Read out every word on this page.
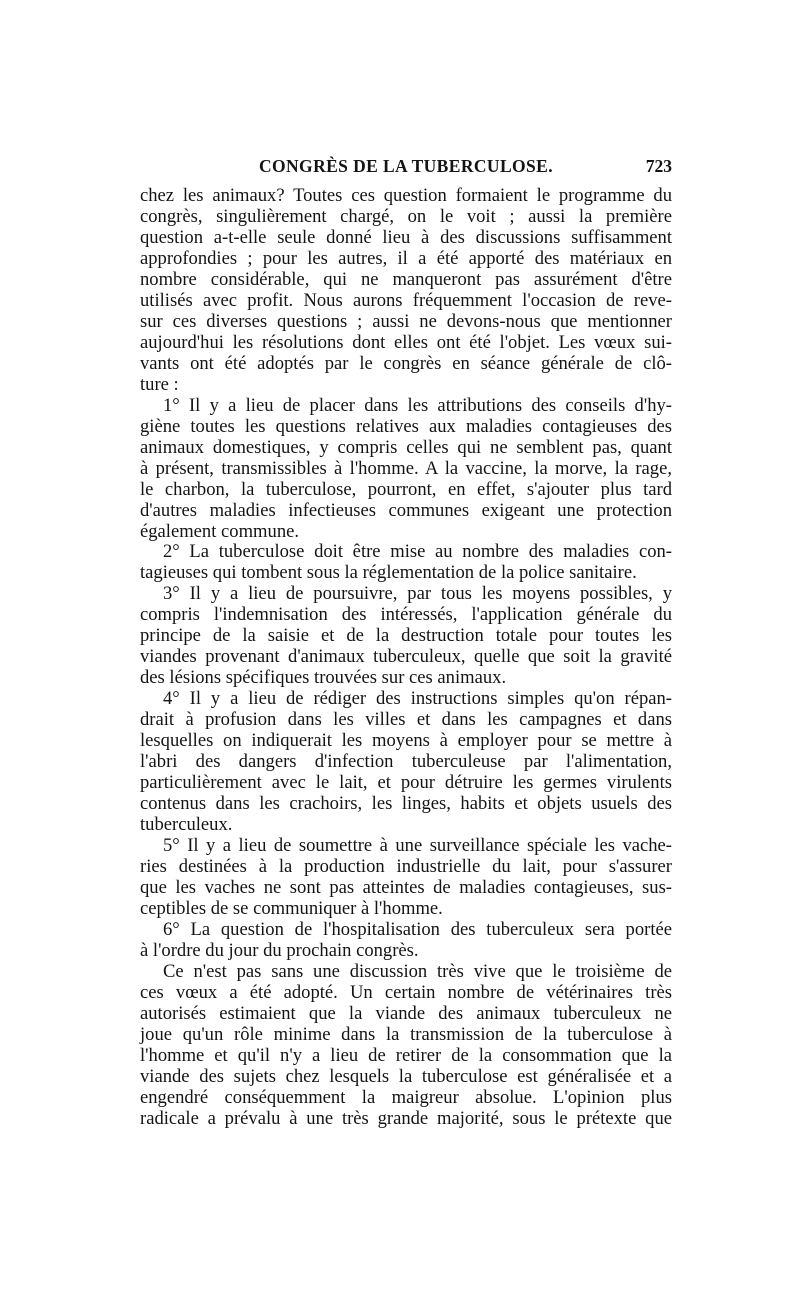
CONGRÈS DE LA TUBERCULOSE.	723
chez les animaux? Toutes ces question formaient le programme du
congrès, singulièrement chargé, on le voit ; aussi la première
question a-t-elle seule donné lieu à des discussions suffisamment
approfondies ; pour les autres, il a été apporté des matériaux en
nombre considérable, qui ne manqueront pas assurément d'être
utilisés avec profit. Nous aurons fréquemment l'occasion de reve-
sur ces diverses questions ; aussi ne devons-nous que mentionner
aujourd'hui les résolutions dont elles ont été l'objet. Les vœux sui-
vants ont été adoptés par le congrès en séance générale de clô-
ture :
1° Il y a lieu de placer dans les attributions des conseils d'hy-
giène toutes les questions relatives aux maladies contagieuses des
animaux domestiques, y compris celles qui ne semblent pas, quant
à présent, transmissibles à l'homme. A la vaccine, la morve, la rage,
le charbon, la tuberculose, pourront, en effet, s'ajouter plus tard
d'autres maladies infectieuses communes exigeant une protection
également commune.
2° La tuberculose doit être mise au nombre des maladies con-
tagieuses qui tombent sous la réglementation de la police sanitaire.
3° Il y a lieu de poursuivre, par tous les moyens possibles, y
compris l'indemnisation des intéressés, l'application générale du
principe de la saisie et de la destruction totale pour toutes les
viandes provenant d'animaux tuberculeux, quelle que soit la gravité
des lésions spécifiques trouvées sur ces animaux.
4° Il y a lieu de rédiger des instructions simples qu'on répan-
drait à profusion dans les villes et dans les campagnes et dans
lesquelles on indiquerait les moyens à employer pour se mettre à
l'abri des dangers d'infection tuberculeuse par l'alimentation,
particulièrement avec le lait, et pour détruire les germes virulents
contenus dans les crachoirs, les linges, habits et objets usuels des
tuberculeux.
5° Il y a lieu de soumettre à une surveillance spéciale les vache-
ries destinées à la production industrielle du lait, pour s'assurer
que les vaches ne sont pas atteintes de maladies contagieuses, sus-
ceptibles de se communiquer à l'homme.
6° La question de l'hospitalisation des tuberculeux sera portée
à l'ordre du jour du prochain congrès.
Ce n'est pas sans une discussion très vive que le troisième de
ces vœux a été adopté. Un certain nombre de vétérinaires très
autorisés estimaient que la viande des animaux tuberculeux ne
joue qu'un rôle minime dans la transmission de la tuberculose à
l'homme et qu'il n'y a lieu de retirer de la consommation que la
viande des sujets chez lesquels la tuberculose est généralisée et a
engendré conséquemment la maigreur absolue. L'opinion plus
radicale a prévalu à une très grande majorité, sous le prétexte que
